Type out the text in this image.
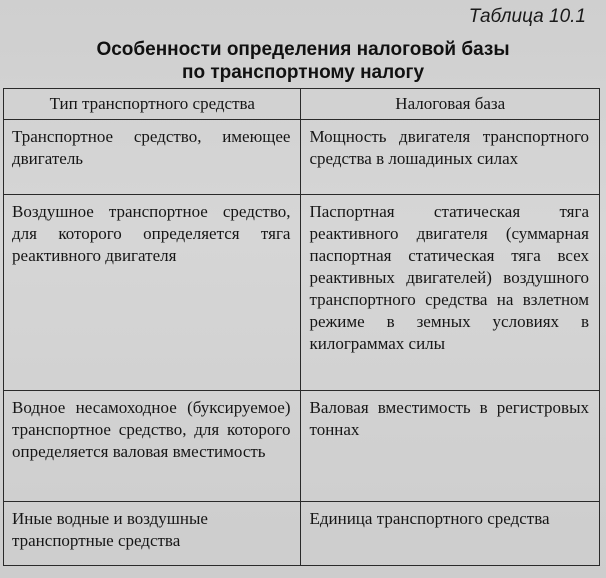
Таблица 10.1
Особенности определения налоговой базы
по транспортному налогу
Тип транспортного средства	Налоговая база
Транспортное средство, имеющее двигатель	Мощность двигателя транспортного средства в лошадиных силах
Воздушное транспортное средство, для которого определяется тяга реактивного двигателя	Паспортная статическая тяга реактивного двигателя (суммарная паспортная статическая тяга всех реактивных двигателей) воздушного транспортного средства на взлетном режиме в земных условиях в килограммах силы
Водное несамоходное (буксируемое) транспортное средство, для которого определяется валовая вместимость	Валовая вместимость в регистровых тоннах
Иные водные и воздушные транспортные средства	Единица транспортного средства
